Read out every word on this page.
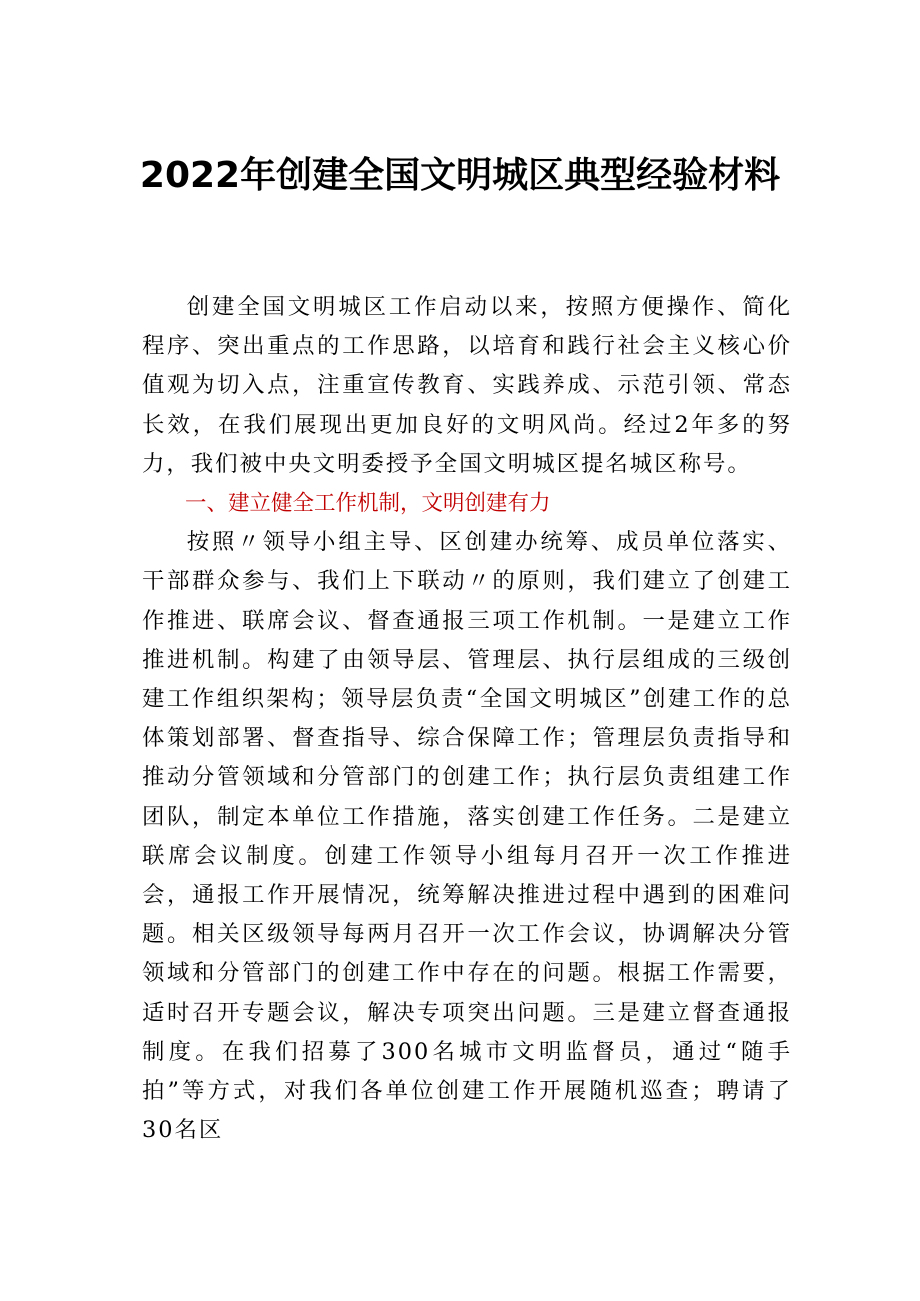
2022年创建全国文明城区典型经验材料

创建全国文明城区工作启动以来，按照方便操作、简化程序、突出重点的工作思路，以培育和践行社会主义核心价值观为切入点，注重宣传教育、实践养成、示范引领、常态长效，在我们展现出更加良好的文明风尚。经过2年多的努力，我们被中央文明委授予全国文明城区提名城区称号。

一、建立健全工作机制，文明创建有力

按照〃领导小组主导、区创建办统筹、成员单位落实、干部群众参与、我们上下联动〃的原则，我们建立了创建工作推进、联席会议、督查通报三项工作机制。一是建立工作推进机制。构建了由领导层、管理层、执行层组成的三级创建工作组织架构；领导层负责“全国文明城区”创建工作的总体策划部署、督查指导、综合保障工作；管理层负责指导和推动分管领域和分管部门的创建工作；执行层负责组建工作团队，制定本单位工作措施，落实创建工作任务。二是建立联席会议制度。创建工作领导小组每月召开一次工作推进会，通报工作开展情况，统筹解决推进过程中遇到的困难问题。相关区级领导每两月召开一次工作会议，协调解决分管领域和分管部门的创建工作中存在的问题。根据工作需要，适时召开专题会议，解决专项突出问题。三是建立督查通报制度。在我们招募了300名城市文明监督员，通过“随手拍”等方式，对我们各单位创建工作开展随机巡查；聘请了30名区
